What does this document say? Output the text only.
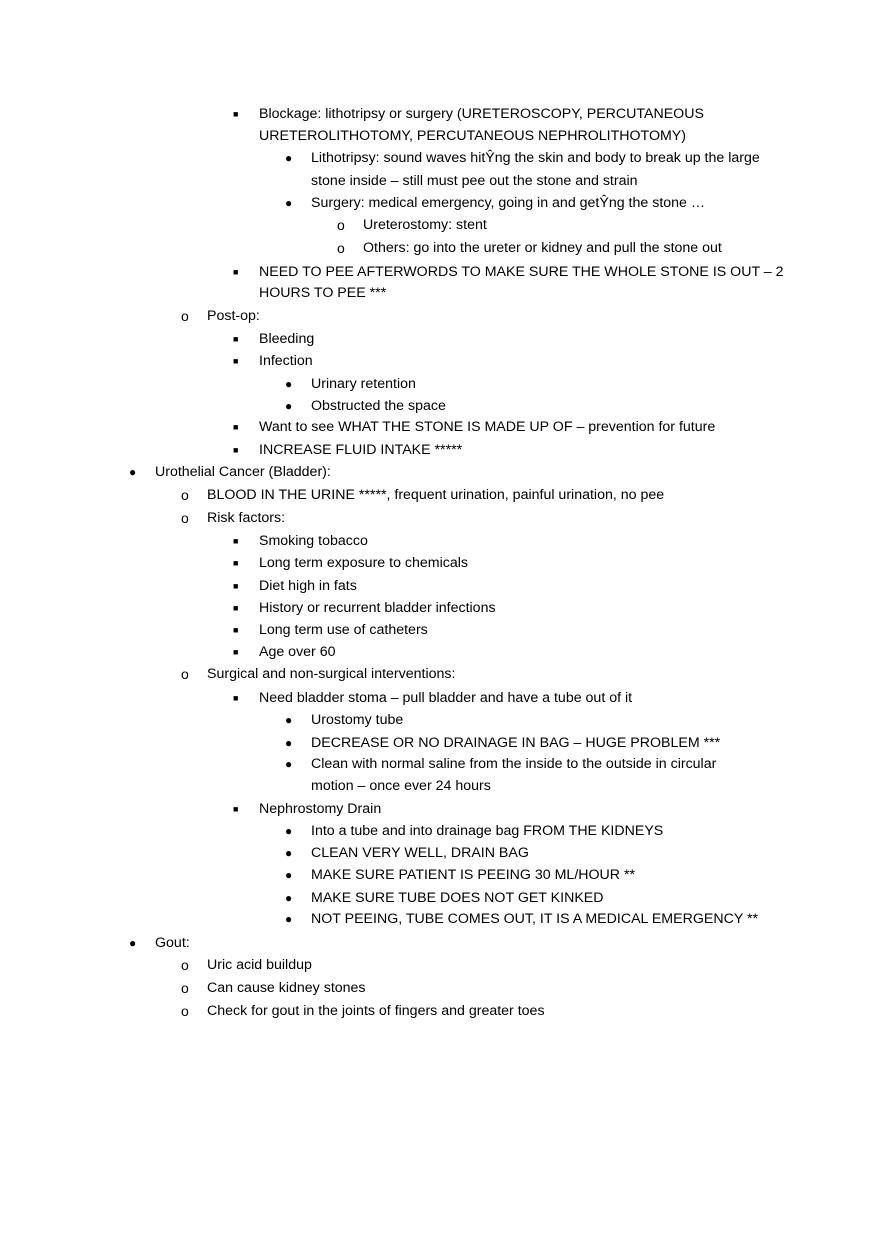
■ Blockage: lithotripsy or surgery (URETEROSCOPY, PERCUTANEOUS
URETEROLITHOTOMY, PERCUTANEOUS NEPHROLITHOTOMY)
● Lithotripsy: sound waves hitŶng the skin and body to break up the large
stone inside – still must pee out the stone and strain
● Surgery: medical emergency, going in and getŶng the stone …
o Ureterostomy: stent
o Others: go into the ureter or kidney and pull the stone out
■ NEED TO PEE AFTERWORDS TO MAKE SURE THE WHOLE STONE IS OUT – 2
HOURS TO PEE ***
o Post-op:
■ Bleeding
■ Infection
● Urinary retention
● Obstructed the space
■ Want to see WHAT THE STONE IS MADE UP OF – prevention for future
■ INCREASE FLUID INTAKE *****
● Urothelial Cancer (Bladder):
o BLOOD IN THE URINE *****, frequent urination, painful urination, no pee
o Risk factors:
■ Smoking tobacco
■ Long term exposure to chemicals
■ Diet high in fats
■ History or recurrent bladder infections
■ Long term use of catheters
■ Age over 60
o Surgical and non-surgical interventions:
■ Need bladder stoma – pull bladder and have a tube out of it
● Urostomy tube
● DECREASE OR NO DRAINAGE IN BAG – HUGE PROBLEM ***
● Clean with normal saline from the inside to the outside in circular
motion – once ever 24 hours
■ Nephrostomy Drain
● Into a tube and into drainage bag FROM THE KIDNEYS
● CLEAN VERY WELL, DRAIN BAG
● MAKE SURE PATIENT IS PEEING 30 ML/HOUR **
● MAKE SURE TUBE DOES NOT GET KINKED
● NOT PEEING, TUBE COMES OUT, IT IS A MEDICAL EMERGENCY **
● Gout:
o Uric acid buildup
o Can cause kidney stones
o Check for gout in the joints of fingers and greater toes
